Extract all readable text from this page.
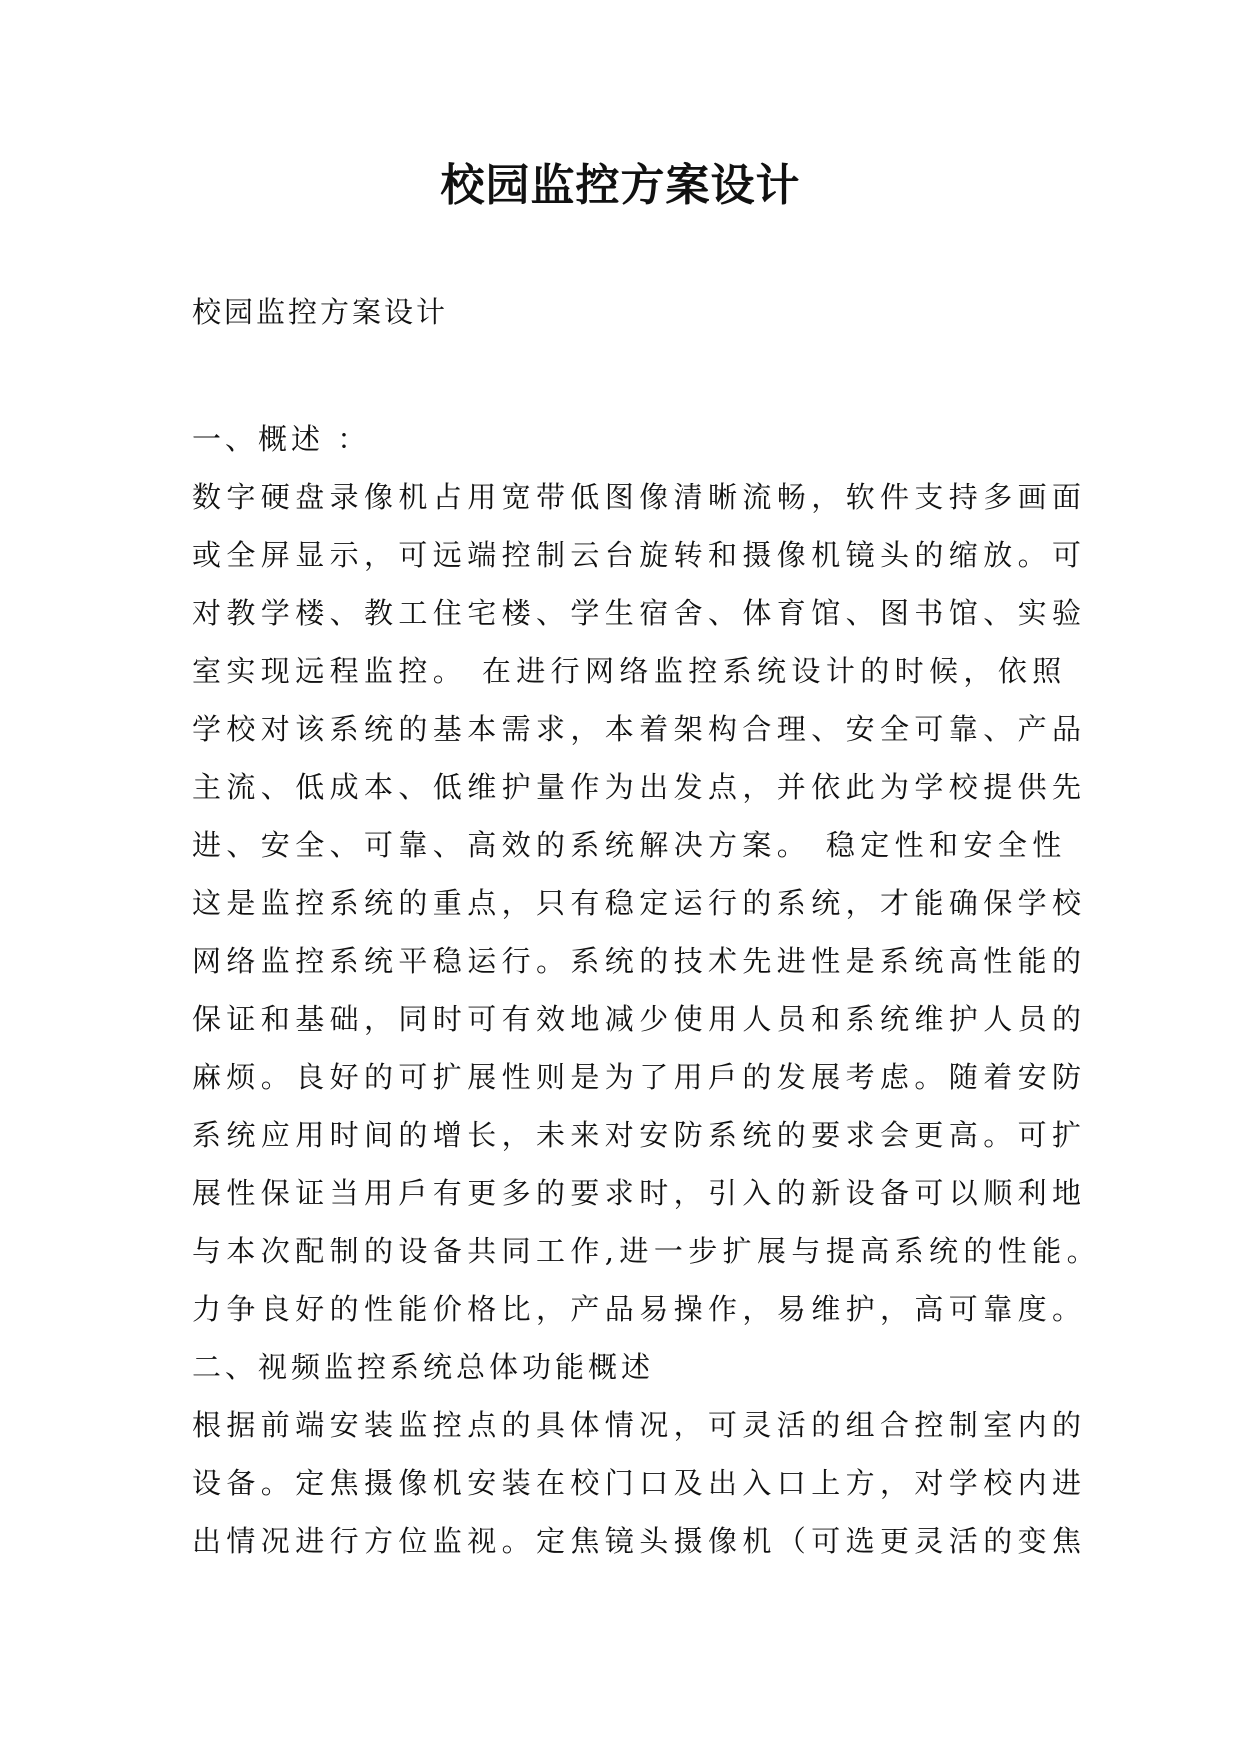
校园监控方案设计

校园监控方案设计

一、概述 ：
数字硬盘录像机占用宽带低图像清晰流畅，软件支持多画面
或全屏显示，可远端控制云台旋转和摄像机镜头的缩放。可
对教学楼、教工住宅楼、学生宿舍、体育馆、图书馆、实验
室实现远程监控。 在进行网络监控系统设计的时候，依照
学校对该系统的基本需求，本着架构合理、安全可靠、产品
主流、低成本、低维护量作为出发点，并依此为学校提供先
进、安全、可靠、高效的系统解决方案。 稳定性和安全性
这是监控系统的重点，只有稳定运行的系统，才能确保学校
网络监控系统平稳运行。系统的技术先进性是系统高性能的
保证和基础，同时可有效地减少使用人员和系统维护人员的
麻烦。良好的可扩展性则是为了用戶的发展考虑。随着安防
系统应用时间的增长，未来对安防系统的要求会更高。可扩
展性保证当用戶有更多的要求时，引入的新设备可以顺利地
与本次配制的设备共同工作,进一步扩展与提高系统的性能。
力争良好的性能价格比，产品易操作，易维护，高可靠度。
二、视频监控系统总体功能概述
根据前端安装监控点的具体情况，可灵活的组合控制室内的
设备。定焦摄像机安装在校门口及出入口上方，对学校内进
出情况进行方位监视。定焦镜头摄像机（可选更灵活的变焦
